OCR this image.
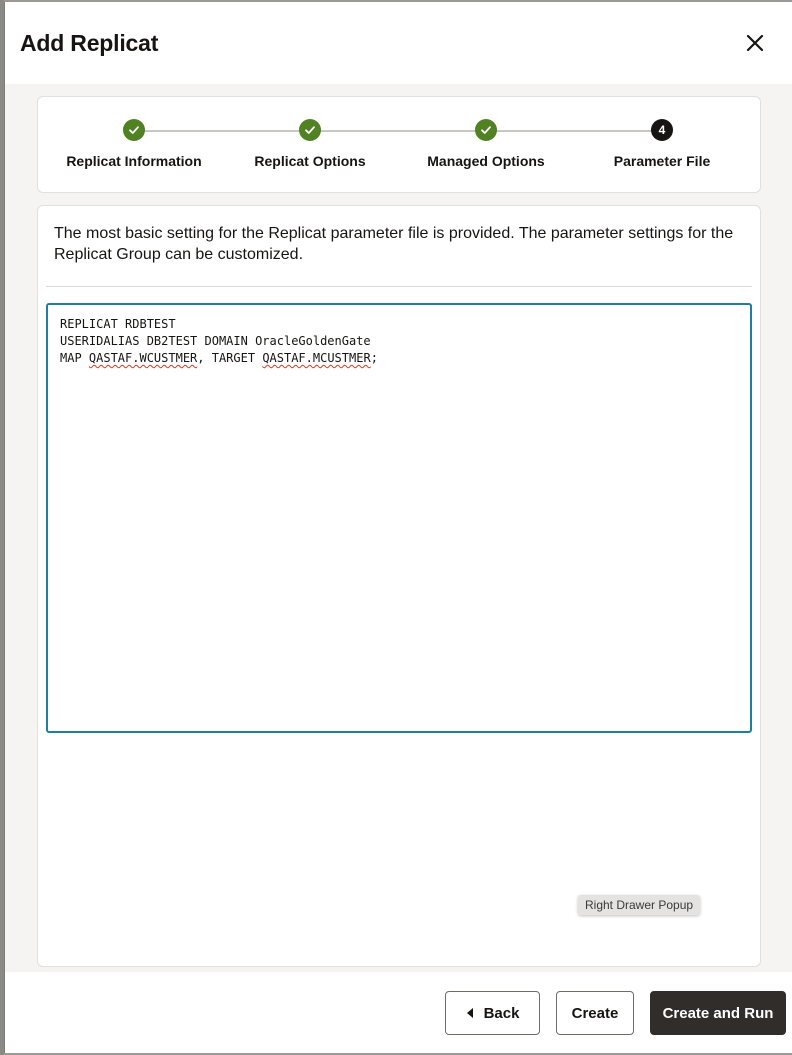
Add Replicat
Replicat Information	Replicat Options	Managed Options
4
Parameter File

The most basic setting for the Replicat parameter file is provided. The parameter settings for the Replicat Group can be customized.

REPLICAT RDBTEST
USERIDALIAS DB2TEST DOMAIN OracleGoldenGate
MAP QASTAF.WCUSTMER, TARGET QASTAF.MCUSTMER;
Right Drawer Popup
Back	Create	Create and Run
